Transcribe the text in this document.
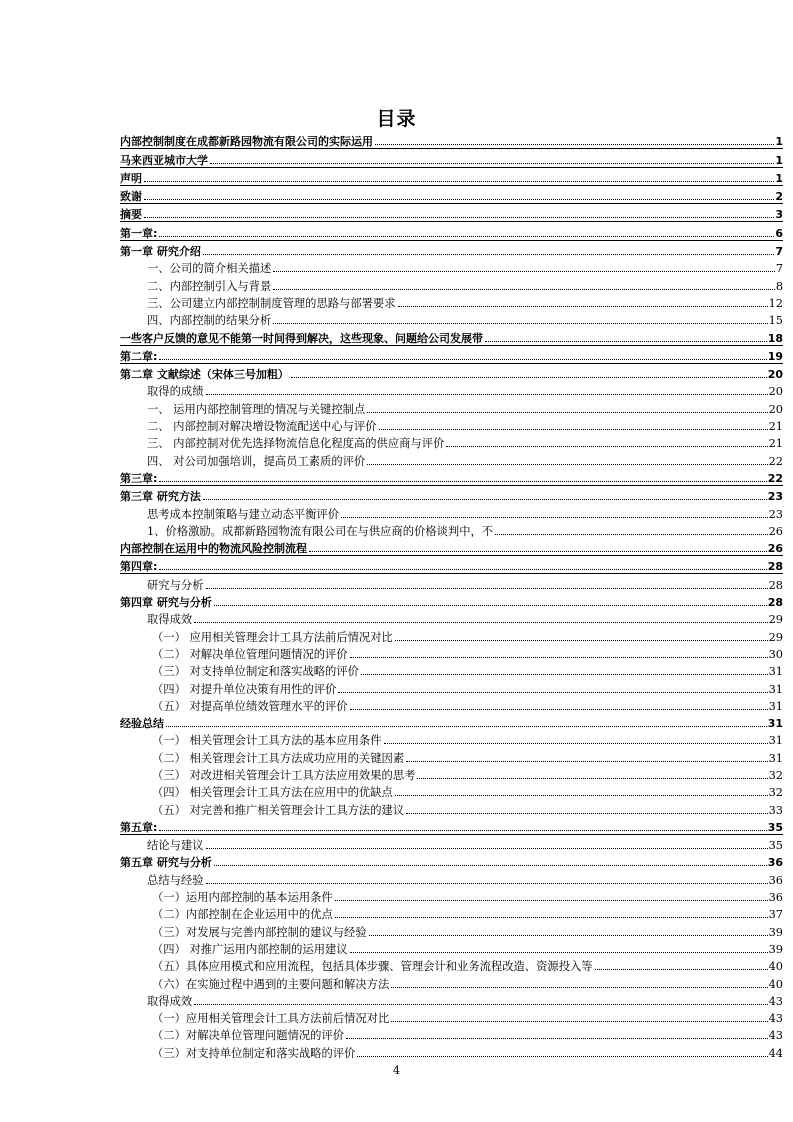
目录
内部控制制度在成都新路园物流有限公司的实际运用	1
马来西亚城市大学	1
声明	1
致谢	2
摘要	3
第一章:	6
第一章 研究介绍	7
一、公司的简介相关描述	7
二、内部控制引入与背景	8
三、公司建立内部控制制度管理的思路与部署要求	12
四、内部控制的结果分析	15
一些客户反馈的意见不能第一时间得到解决，这些现象、问题给公司发展带	18
第二章:	19
第二章 文献综述（宋体三号加粗）	20
取得的成绩	20
一、 运用内部控制管理的情况与关键控制点	20
二、 内部控制对解决增设物流配送中心与评价	21
三、 内部控制对优先选择物流信息化程度高的供应商与评价	21
四、 对公司加强培训，提高员工素质的评价	22
第三章:	22
第三章 研究方法	23
思考成本控制策略与建立动态平衡评价	23
1、价格激励。成都新路园物流有限公司在与供应商的价格谈判中，不	26
内部控制在运用中的物流风险控制流程	26
第四章:	28
研究与分析	28
第四章 研究与分析	28
取得成效	29
（一） 应用相关管理会计工具方法前后情况对比	29
（二） 对解决单位管理问题情况的评价	30
（三） 对支持单位制定和落实战略的评价	31
（四） 对提升单位决策有用性的评价	31
（五） 对提高单位绩效管理水平的评价	31
经验总结	31
（一） 相关管理会计工具方法的基本应用条件	31
（二） 相关管理会计工具方法成功应用的关键因素	31
（三） 对改进相关管理会计工具方法应用效果的思考	32
（四） 相关管理会计工具方法在应用中的优缺点	32
（五） 对完善和推广相关管理会计工具方法的建议	33
第五章:	35
结论与建议	35
第五章 研究与分析	36
总结与经验	36
（一）运用内部控制的基本运用条件	36
（二）内部控制在企业运用中的优点	37
（三）对发展与完善内部控制的建议与经验	39
（四） 对推广运用内部控制的运用建议	39
（五）具体应用模式和应用流程，包括具体步骤、管理会计和业务流程改造、资源投入等	40
（六）在实施过程中遇到的主要问题和解决方法	40
取得成效	43
（一）应用相关管理会计工具方法前后情况对比	43
（二）对解决单位管理问题情况的评价	43
（三）对支持单位制定和落实战略的评价	44
4
